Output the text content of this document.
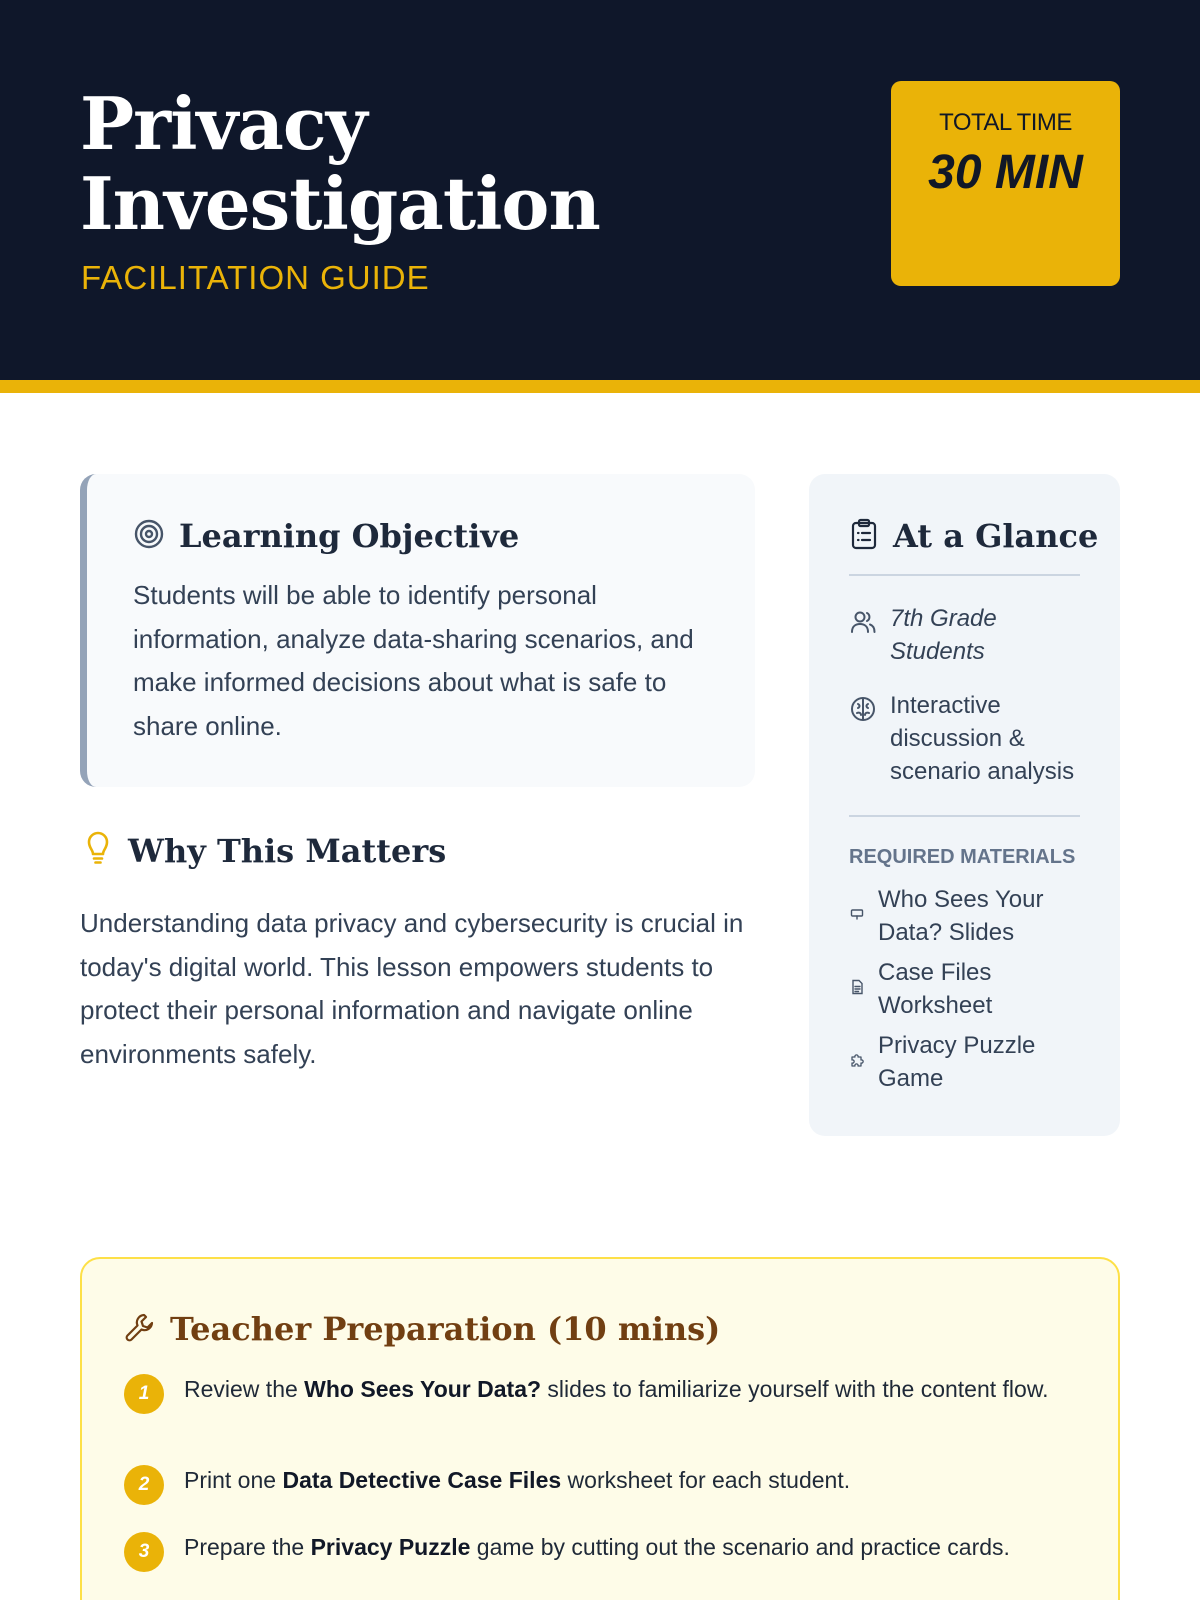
Privacy Investigation
FACILITATION GUIDE
TOTAL TIME
30 MIN
Learning Objective
Students will be able to identify personal information, analyze data-sharing scenarios, and make informed decisions about what is safe to share online.
Why This Matters
Understanding data privacy and cybersecurity is crucial in today's digital world. This lesson empowers students to protect their personal information and navigate online environments safely.
At a Glance
7th Grade Students
Interactive discussion & scenario analysis
REQUIRED MATERIALS
Who Sees Your Data? Slides
Case Files Worksheet
Privacy Puzzle Game
Teacher Preparation (10 mins)
1	Review the Who Sees Your Data? slides to familiarize yourself with the content flow.
2	Print one Data Detective Case Files worksheet for each student.
3	Prepare the Privacy Puzzle game by cutting out the scenario and practice cards.
